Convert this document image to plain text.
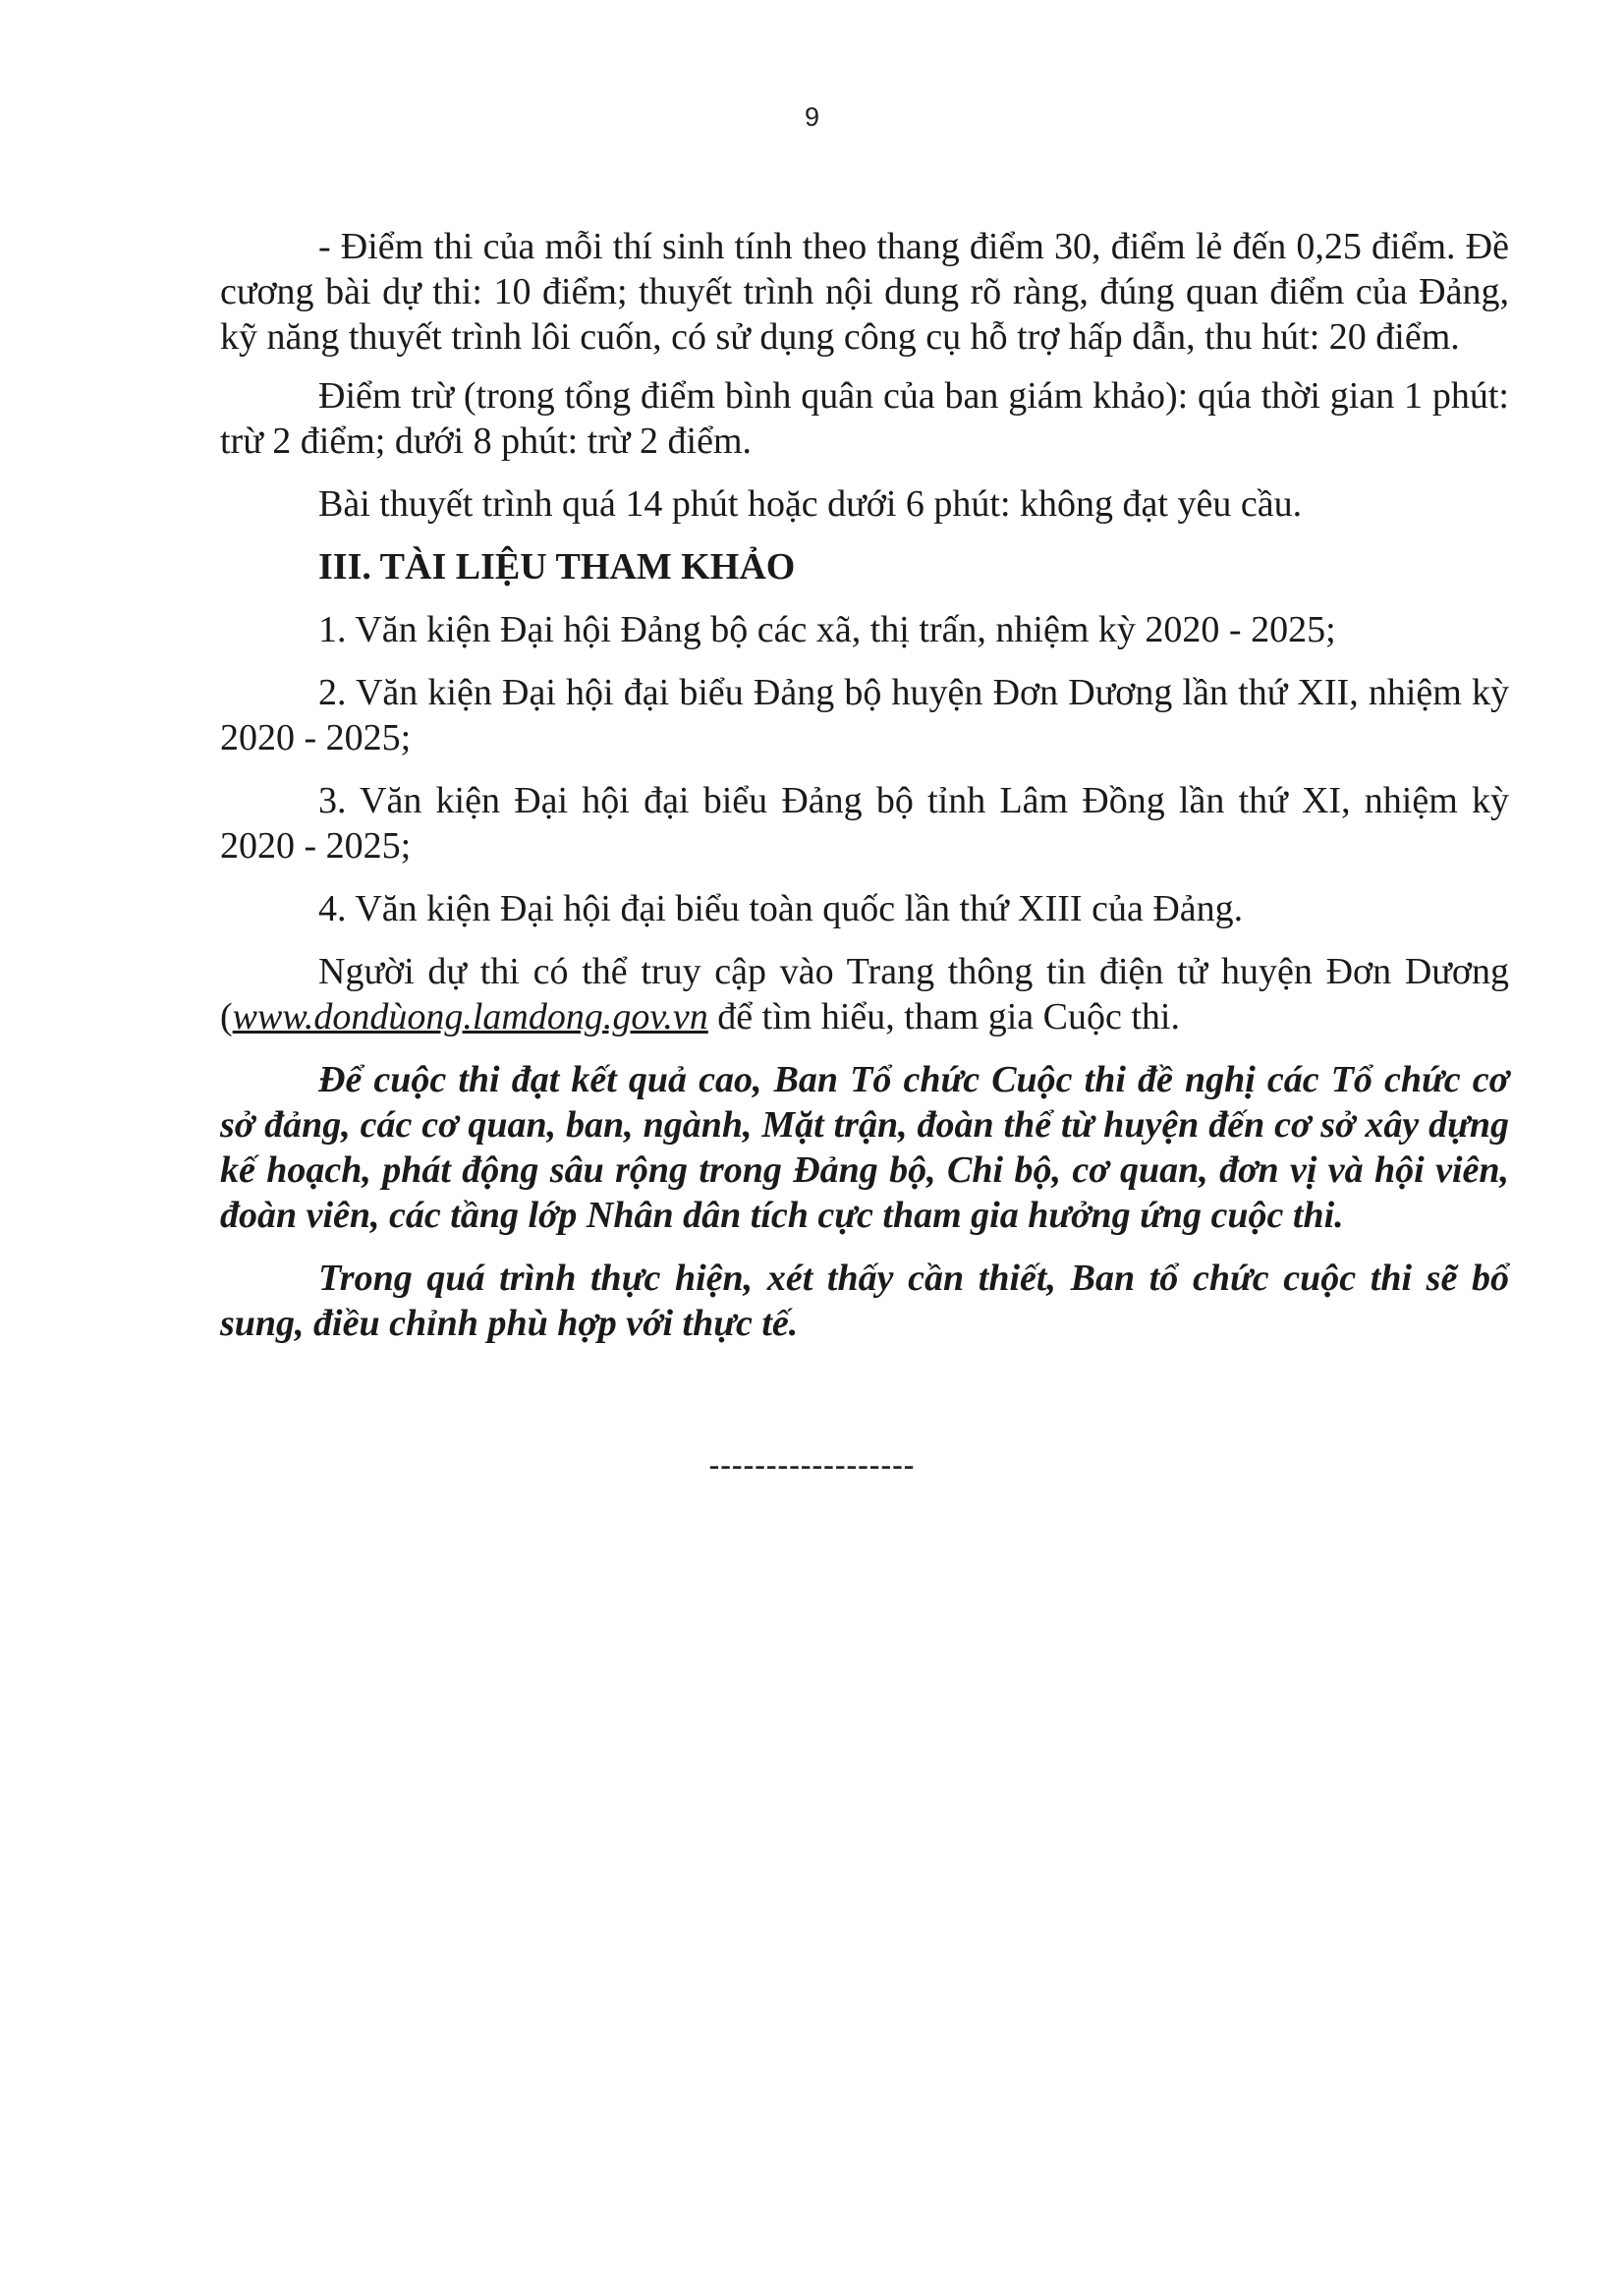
9

- Điểm thi của mỗi thí sinh tính theo thang điểm 30, điểm lẻ đến 0,25 điểm. Đề cương bài dự thi: 10 điểm; thuyết trình nội dung rõ ràng, đúng quan điểm của Đảng, kỹ năng thuyết trình lôi cuốn, có sử dụng công cụ hỗ trợ hấp dẫn, thu hút: 20 điểm.

Điểm trừ (trong tổng điểm bình quân của ban giám khảo): qúa thời gian 1 phút: trừ 2 điểm; dưới 8 phút: trừ 2 điểm.

Bài thuyết trình quá 14 phút hoặc dưới 6 phút: không đạt yêu cầu.

III. TÀI LIỆU THAM KHẢO

1. Văn kiện Đại hội Đảng bộ các xã, thị trấn, nhiệm kỳ 2020 - 2025;

2. Văn kiện Đại hội đại biểu Đảng bộ huyện Đơn Dương lần thứ XII, nhiệm kỳ 2020 - 2025;

3. Văn kiện Đại hội đại biểu Đảng bộ tỉnh Lâm Đồng lần thứ XI, nhiệm kỳ 2020 - 2025;

4. Văn kiện Đại hội đại biểu toàn quốc lần thứ XIII của Đảng.

Người dự thi có thể truy cập vào Trang thông tin điện tử huyện Đơn Dương (www.dondùong.lamdong.gov.vn để tìm hiểu, tham gia Cuộc thi.

Để cuộc thi đạt kết quả cao, Ban Tổ chức Cuộc thi đề nghị các Tổ chức cơ sở đảng, các cơ quan, ban, ngành, Mặt trận, đoàn thể từ huyện đến cơ sở xây dựng kế hoạch, phát động sâu rộng trong Đảng bộ, Chi bộ, cơ quan, đơn vị và hội viên, đoàn viên, các tầng lớp Nhân dân tích cực tham gia hưởng ứng cuộc thi.

Trong quá trình thực hiện, xét thấy cần thiết, Ban tổ chức cuộc thi sẽ bổ sung, điều chỉnh phù hợp với thực tế.

------------------
